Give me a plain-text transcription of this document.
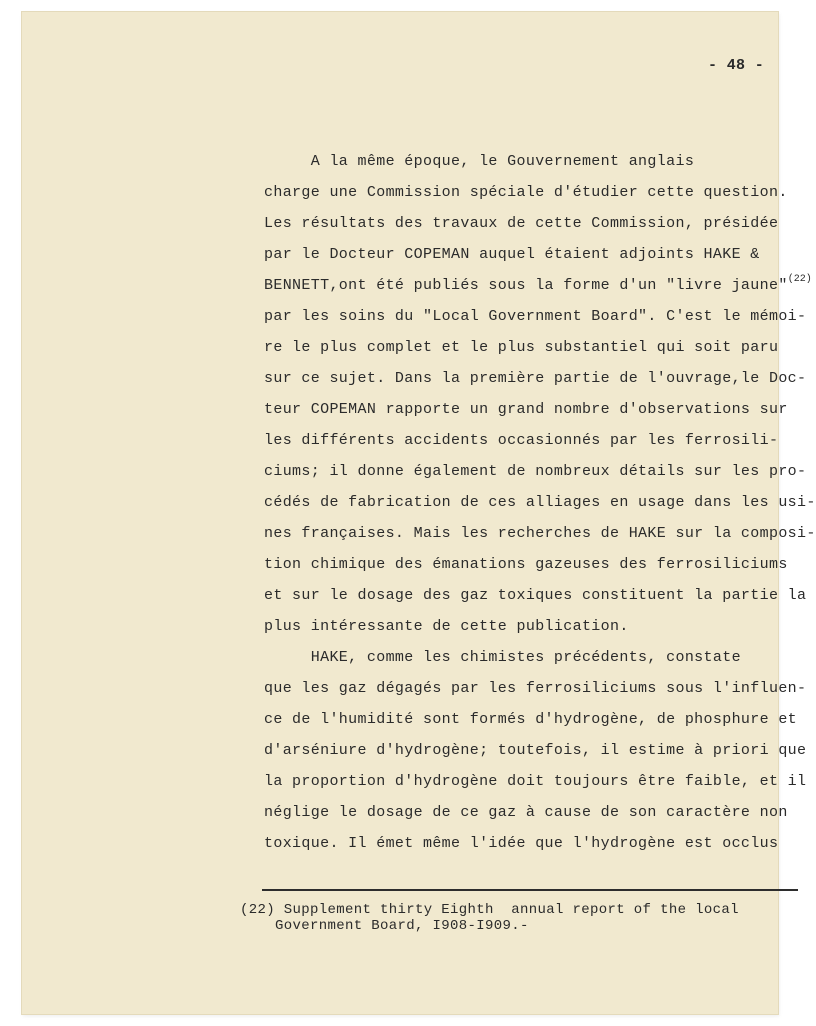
- 48 -
A la même époque, le Gouvernement anglais
charge une Commission spéciale d'étudier cette question.
Les résultats des travaux de cette Commission, présidée
par le Docteur COPEMAN auquel étaient adjoints HAKE &
BENNETT,ont été publiés sous la forme d'un "livre jaune"$^{(22)}$
par les soins du "Local Government Board". C'est le mémoi-
re le plus complet et le plus substantiel qui soit paru
sur ce sujet. Dans la première partie de l'ouvrage,le Doc-
teur COPEMAN rapporte un grand nombre d'observations sur
les différents accidents occasionnés par les ferrosili-
ciums; il donne également de nombreux détails sur les pro-
cédés de fabrication de ces alliages en usage dans les usi-
nes françaises. Mais les recherches de HAKE sur la composi-
tion chimique des émanations gazeuses des ferrosiliciums
et sur le dosage des gaz toxiques constituent la partie la
plus intéressante de cette publication.
HAKE, comme les chimistes précédents, constate
que les gaz dégagés par les ferrosiliciums sous l'influen-
ce de l'humidité sont formés d'hydrogène, de phosphure et
d'arséniure d'hydrogène; toutefois, il estime à priori que
la proportion d'hydrogène doit toujours être faible, et il
néglige le dosage de ce gaz à cause de son caractère non
toxique. Il émet même l'idée que l'hydrogène est occlus
(22) Supplement thirty Eighth  annual report of the local
Government Board, I908-I909.-
